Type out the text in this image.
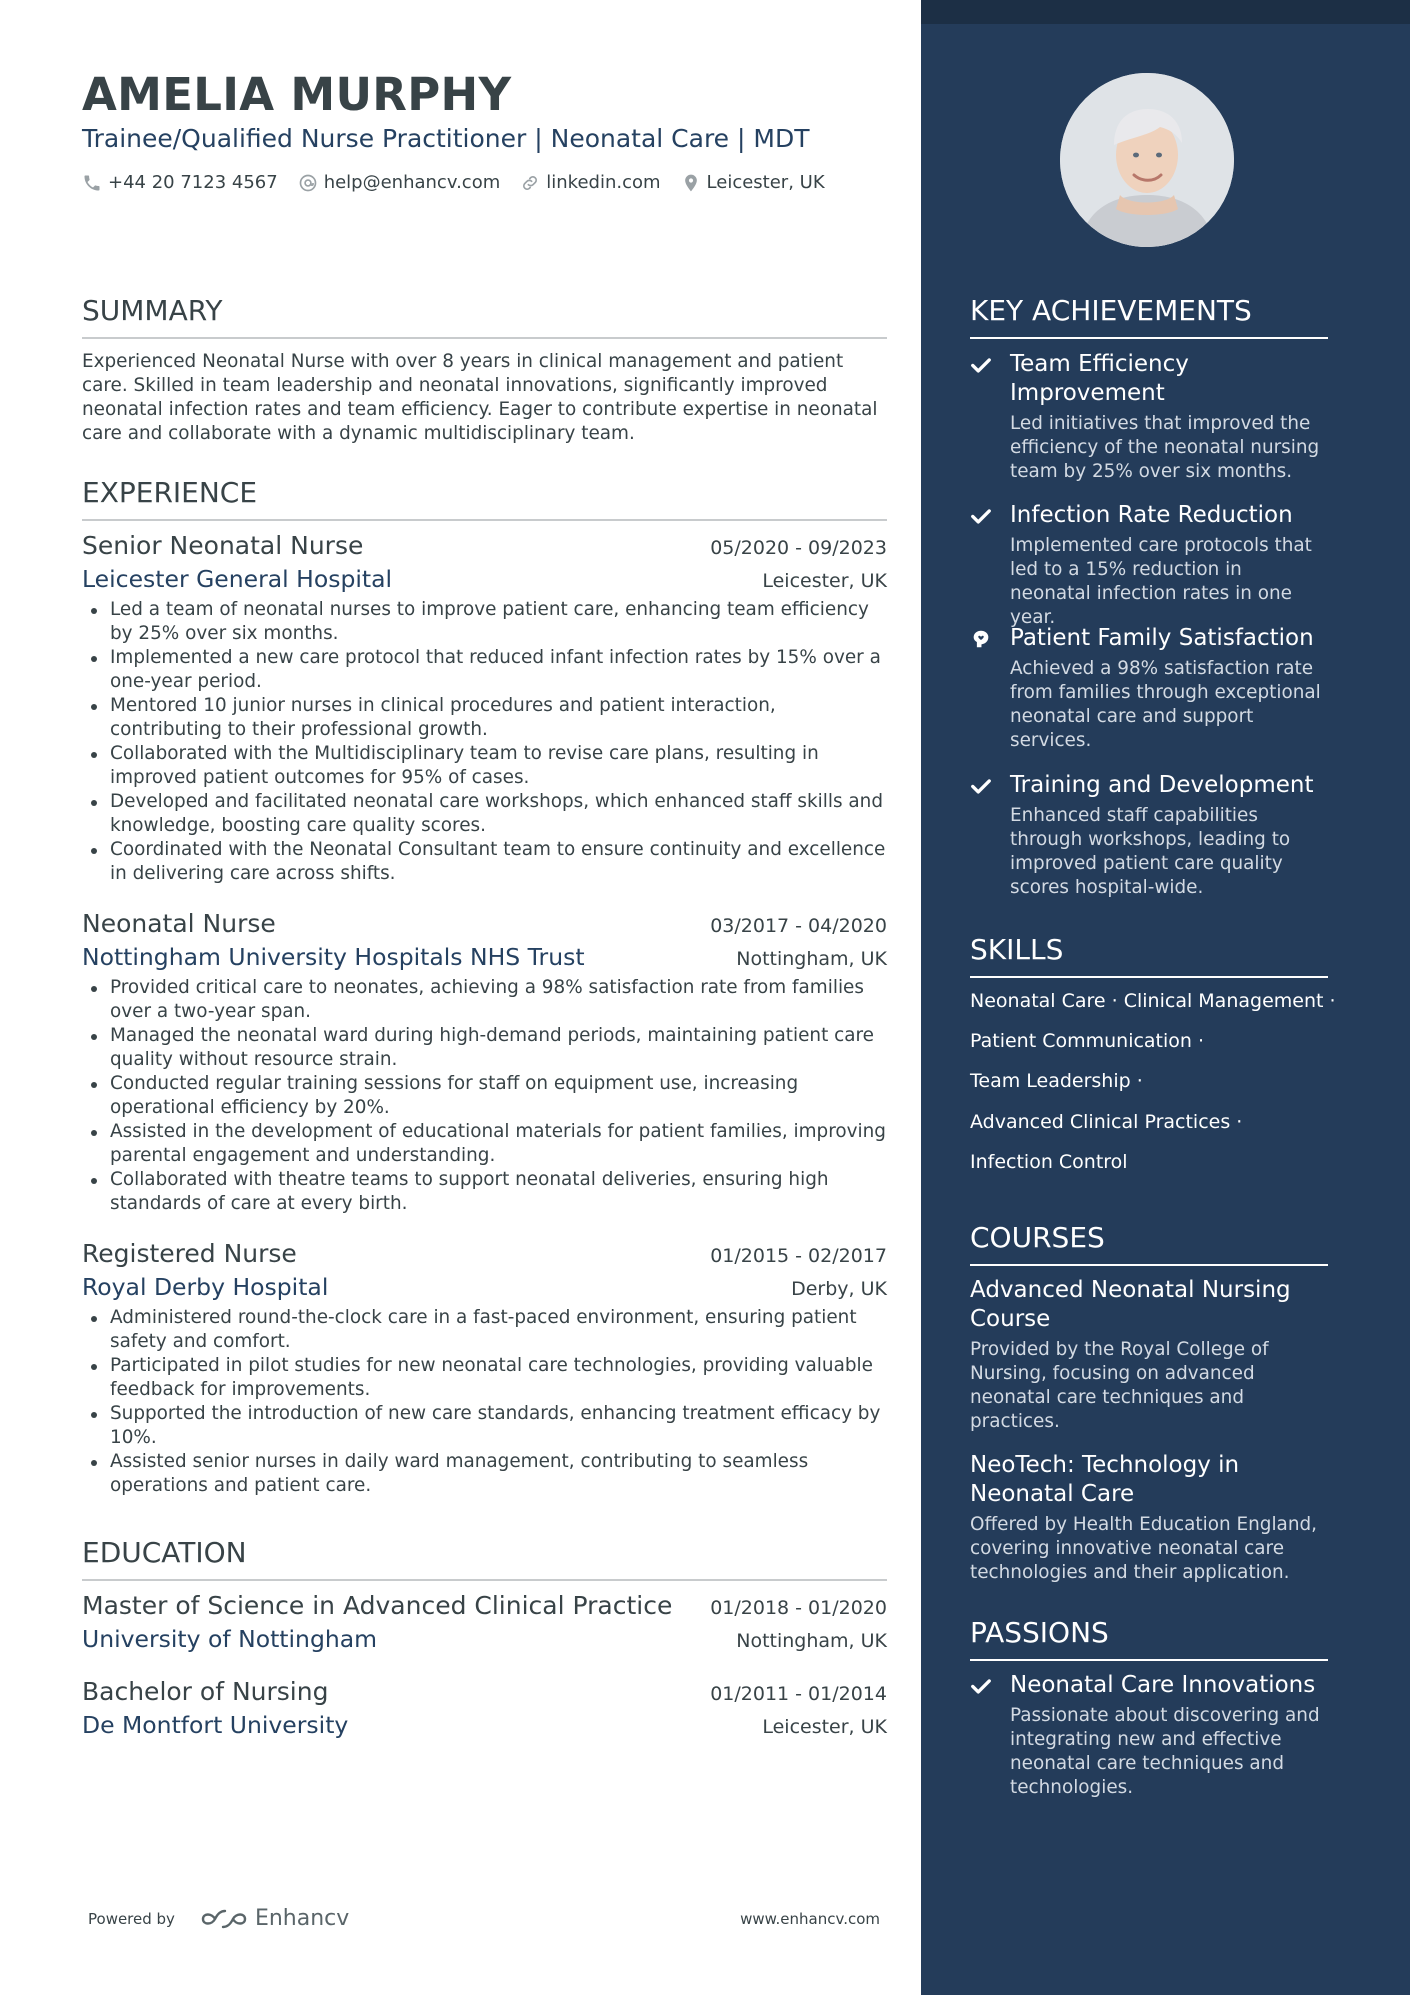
AMELIA MURPHY
Trainee/Qualified Nurse Practitioner | Neonatal Care | MDT
+44 20 7123 4567	help@enhancv.com	linkedin.com	Leicester, UK
SUMMARY
Experienced Neonatal Nurse with over 8 years in clinical management and patient care. Skilled in team leadership and neonatal innovations, significantly improved neonatal infection rates and team efficiency. Eager to contribute expertise in neonatal care and collaborate with a dynamic multidisciplinary team.
EXPERIENCE
Senior Neonatal Nurse	05/2020 - 09/2023
Leicester General Hospital	Leicester, UK
Led a team of neonatal nurses to improve patient care, enhancing team efficiency by 25% over six months.
Implemented a new care protocol that reduced infant infection rates by 15% over a one-year period.
Mentored 10 junior nurses in clinical procedures and patient interaction, contributing to their professional growth.
Collaborated with the Multidisciplinary team to revise care plans, resulting in improved patient outcomes for 95% of cases.
Developed and facilitated neonatal care workshops, which enhanced staff skills and knowledge, boosting care quality scores.
Coordinated with the Neonatal Consultant team to ensure continuity and excellence in delivering care across shifts.
Neonatal Nurse	03/2017 - 04/2020
Nottingham University Hospitals NHS Trust	Nottingham, UK
Provided critical care to neonates, achieving a 98% satisfaction rate from families over a two-year span.
Managed the neonatal ward during high-demand periods, maintaining patient care quality without resource strain.
Conducted regular training sessions for staff on equipment use, increasing operational efficiency by 20%.
Assisted in the development of educational materials for patient families, improving parental engagement and understanding.
Collaborated with theatre teams to support neonatal deliveries, ensuring high standards of care at every birth.
Registered Nurse	01/2015 - 02/2017
Royal Derby Hospital	Derby, UK
Administered round-the-clock care in a fast-paced environment, ensuring patient safety and comfort.
Participated in pilot studies for new neonatal care technologies, providing valuable feedback for improvements.
Supported the introduction of new care standards, enhancing treatment efficacy by 10%.
Assisted senior nurses in daily ward management, contributing to seamless operations and patient care.
EDUCATION
Master of Science in Advanced Clinical Practice 01/2018 - 01/2020
University of Nottingham	Nottingham, UK
Bachelor of Nursing	01/2011 - 01/2014
De Montfort University	Leicester, UK
Powered by	Enhancv	www.enhancv.com
KEY ACHIEVEMENTS
Team Efficiency Improvement
Led initiatives that improved the efficiency of the neonatal nursing team by 25% over six months.
Infection Rate Reduction
Implemented care protocols that led to a 15% reduction in neonatal infection rates in one year.
Patient Family Satisfaction
Achieved a 98% satisfaction rate from families through exceptional neonatal care and support services.
Training and Development
Enhanced staff capabilities through workshops, leading to improved patient care quality scores hospital-wide.
SKILLS
Neonatal Care · Clinical Management ·
Patient Communication ·
Team Leadership ·
Advanced Clinical Practices ·
Infection Control
COURSES
Advanced Neonatal Nursing Course
Provided by the Royal College of Nursing, focusing on advanced neonatal care techniques and practices.
NeoTech: Technology in Neonatal Care
Offered by Health Education England, covering innovative neonatal care technologies and their application.
PASSIONS
Neonatal Care Innovations
Passionate about discovering and integrating new and effective neonatal care techniques and technologies.
